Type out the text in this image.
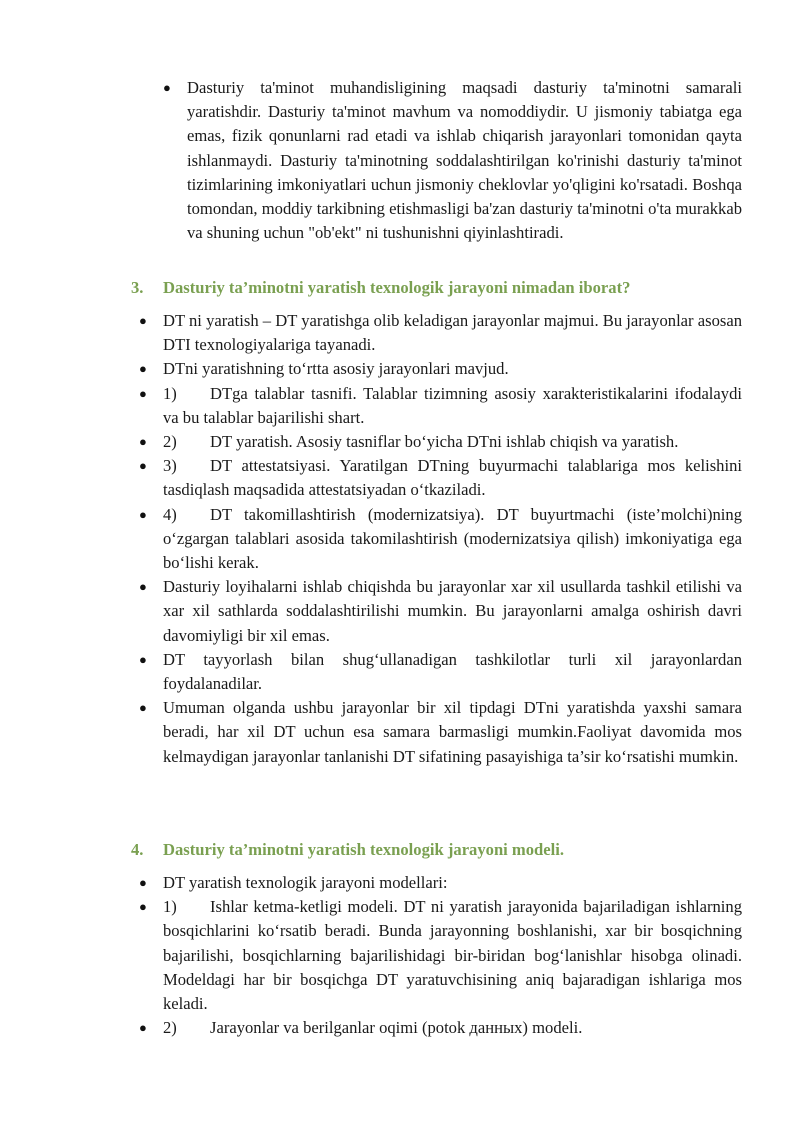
● Dasturiy ta'minot muhandisligining maqsadi dasturiy ta'minotni samarali yaratishdir. Dasturiy ta'minot mavhum va nomoddiydir. U jismoniy tabiatga ega emas, fizik qonunlarni rad etadi va ishlab chiqarish jarayonlari tomonidan qayta ishlanmaydi. Dasturiy ta'minotning soddalashtirilgan ko'rinishi dasturiy ta'minot tizimlarining imkoniyatlari uchun jismoniy cheklovlar yo'qligini ko'rsatadi. Boshqa tomondan, moddiy tarkibning etishmasligi ba'zan dasturiy ta'minotni o'ta murakkab va shuning uchun "ob'ekt" ni tushunishni qiyinlashtiradi.
3. Dasturiy ta’minotni yaratish texnologik jarayoni nimadan iborat?
● DT ni yaratish – DT yaratishga olib keladigan jarayonlar majmui. Bu jarayonlar asosan DTI texnologiyalariga tayanadi.
● DTni yaratishning to‘rtta asosiy jarayonlari mavjud.
● 1) DTga talablar tasnifi. Talablar tizimning asosiy xarakteristikalarini ifodalaydi va bu talablar bajarilishi shart.
● 2) DT yaratish. Asosiy tasniflar bo‘yicha DTni ishlab chiqish va yaratish.
● 3) DT attestatsiyasi. Yaratilgan DTning buyurmachi talablariga mos kelishini tasdiqlash maqsadida attestatsiyadan o‘tkaziladi.
● 4) DT takomillashtirish (modernizatsiya). DT buyurtmachi (iste’molchi)ning o‘zgargan talablari asosida takomilashtirish (modernizatsiya qilish) imkoniyatiga ega bo‘lishi kerak.
● Dasturiy loyihalarni ishlab chiqishda bu jarayonlar xar xil usullarda tashkil etilishi va xar xil sathlarda soddalashtirilishi mumkin. Bu jarayonlarni amalga oshirish davri davomiyligi bir xil emas.
● DT tayyorlash bilan shug‘ullanadigan tashkilotlar turli xil jarayonlardan foydalanadilar.
● Umuman olganda ushbu jarayonlar bir xil tipdagi DTni yaratishda yaxshi samara beradi, har xil DT uchun esa samara barmasligi mumkin.Faoliyat davomida mos kelmaydigan jarayonlar tanlanishi DT sifatining pasayishiga ta’sir ko‘rsatishi mumkin.
4. Dasturiy ta’minotni yaratish texnologik jarayoni modeli.
● DT yaratish texnologik jarayoni modellari:
● 1) Ishlar ketma-ketligi modeli. DT ni yaratish jarayonida bajariladigan ishlarning bosqichlarini ko‘rsatib beradi. Bunda jarayonning boshlanishi, xar bir bosqichning bajarilishi, bosqichlarning bajarilishidagi bir-biridan bog‘lanishlar hisobga olinadi. Modeldagi har bir bosqichga DT yaratuvchisining aniq bajaradigan ishlariga mos keladi.
● 2) Jarayonlar va berilganlar oqimi (potok данных) modeli.
